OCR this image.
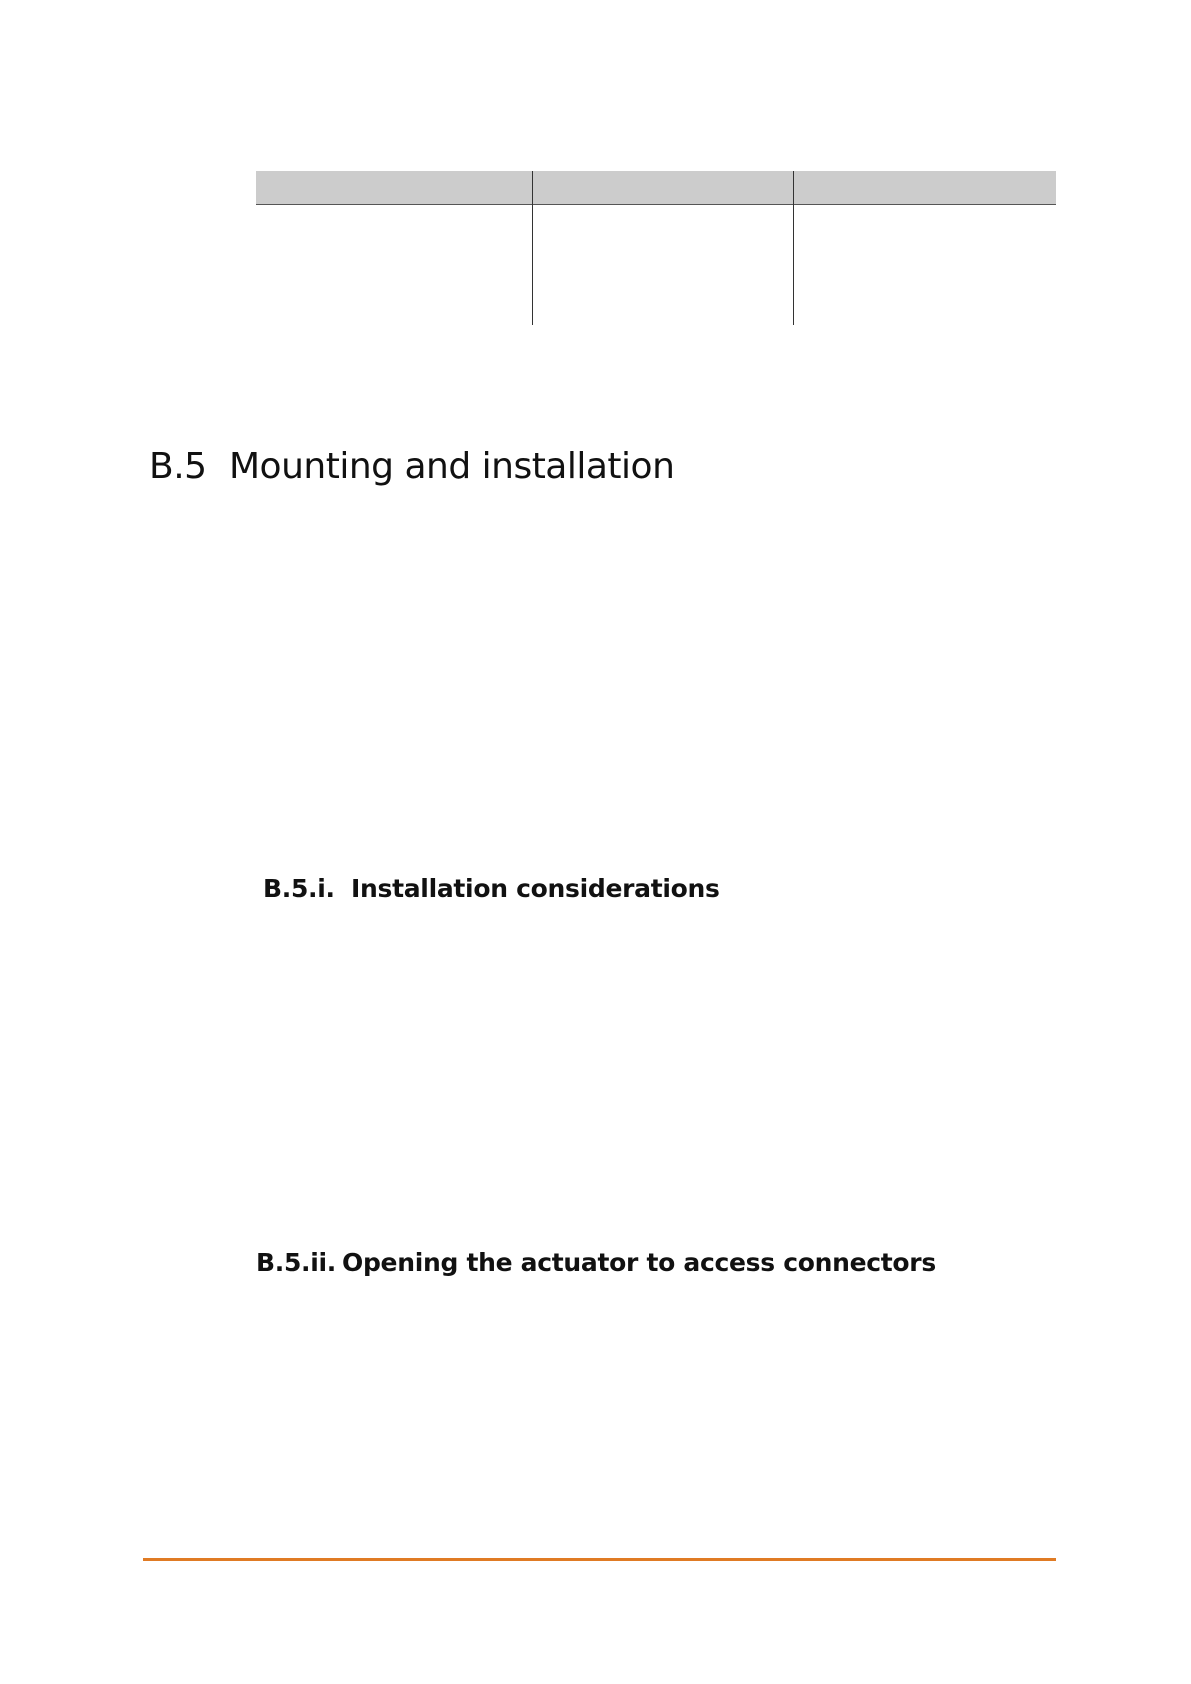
B.5 Mounting and installation
B.5.i. Installation considerations
B.5.ii. Opening the actuator to access connectors
